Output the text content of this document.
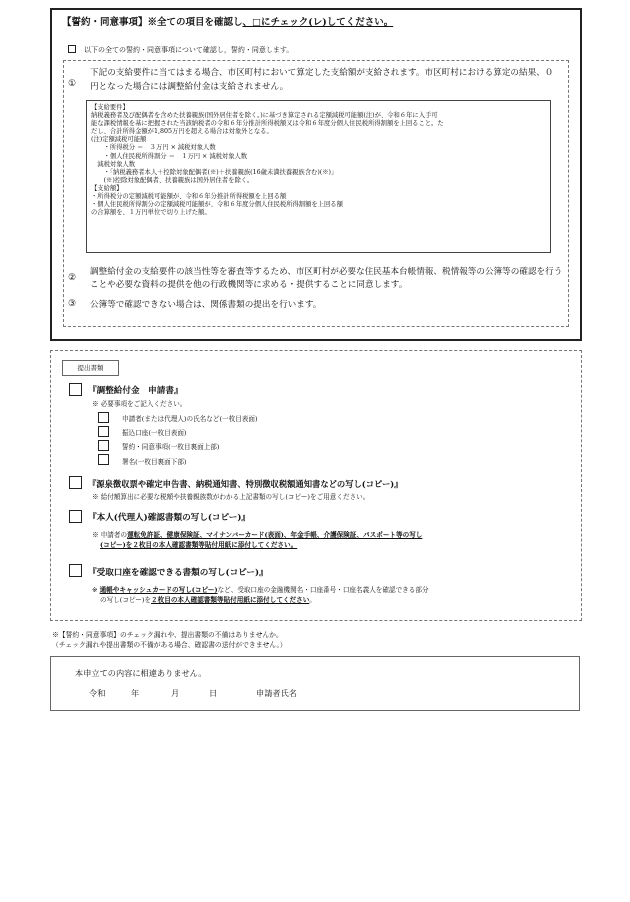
【誓約・同意事項】※全ての項目を確認し、□にチェック(レ)してください。
以下の全ての誓約・同意事項について確認し，誓約・同意します。
①
下記の支給要件に当てはまる場合、市区町村において算定した支給額が支給されます。市区町村における算定の結果、０円となった場合には調整給付金は支給されません。
【支給要件】
納税義務者及び配偶者を含めた扶養親族(国外居住者を除く。)に基づき算定される定額減税可能額(注)が、令和６年に入手可
能な課税情報を基に把握された当該納税者の令和６年分推計所得税額又は令和６年度分個人住民税所得割額を上回ること。た
だし、合計所得金額が1,805万円を超える場合は対象外となる。
(注)定額減税可能額
　　・所得税分 ＝　３万円 × 減税対象人数
　　・個人住民税所得割分 ＝　１万円 × 減税対象人数
　減税対象人数
　　・「納税義務者本人＋控除対象配偶者(※)＋扶養親族(16歳未満扶養親族含む)(※)」
　　(※)控除対象配偶者、扶養親族は国外居住者を除く。
【支給額】
・所得税分の定額減税可能額が、令和６年分推計所得税額を上回る額
・個人住民税所得割分の定額減税可能額が、令和６年度分個人住民税所得割額を上回る額
の合算額を、１万円単位で切り上げた額。
②
調整給付金の支給要件の該当性等を審査等するため、市区町村が必要な住民基本台帳情報、税情報等の公簿等の確認を行うことや必要な資料の提供を他の行政機関等に求める・提供することに同意します。
③ 公簿等で確認できない場合は、関係書類の提出を行います。
提出書類
『調整給付金　申請書』
※ 必要事項をご記入ください。
申請者(または代理人)の氏名など(一枚目表面)
振込口座(一枚目表面)
誓約・同意事項(一枚目裏面上部)
署名(一枚目裏面下部)
『源泉徴収票や確定申告書、納税通知書、特別徴収税額通知書などの写し(コピー)』
※ 給付額算出に必要な税額や扶養親族数がわかる上記書類の写し(コピー)をご用意ください。
『本人(代理人)確認書類の写し(コピー)』
※ 申請者の運転免許証、健康保険証、マイナンバーカード(表面)、年金手帳、介護保険証、パスポート等の写し
(コピー)を２枚目の本人確認書類等貼付用紙に添付してください。
『受取口座を確認できる書類の写し(コピー)』
※ 通帳やキャッシュカードの写し(コピー)など、受取口座の金融機関名・口座番号・口座名義人を確認できる部分
の写し(コピー)を２枚目の本人確認書類等貼付用紙に添付してください。
※【誓約・同意事項】のチェック漏れや、提出書類の不備はありませんか。
（チェック漏れや提出書類の不備がある場合、確認書の送付ができません。）
本申立ての内容に相違ありません。
令和	年	月	日	申請者氏名
